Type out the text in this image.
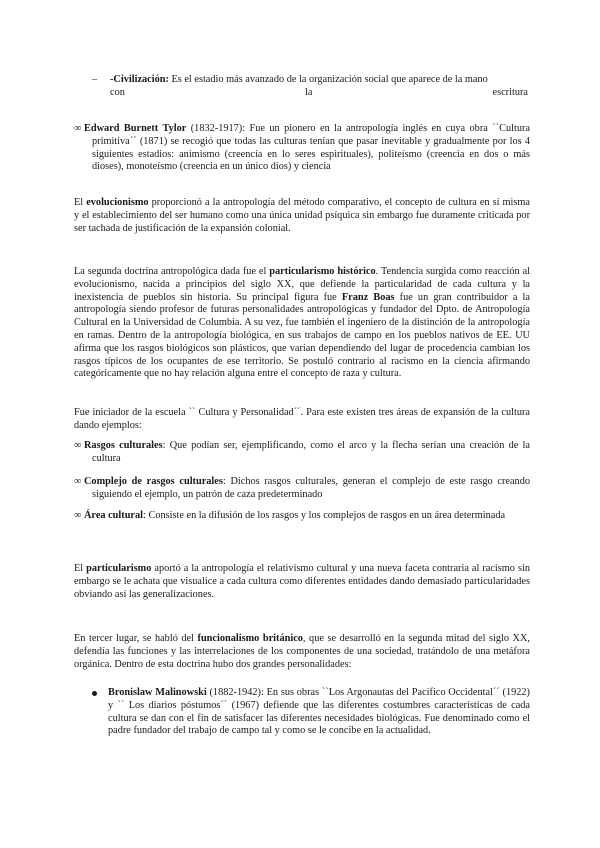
– -Civilización: Es el estadio más avanzado de la organización social que aparece de la mano
con	la	escritura
∞ Edward Burnett Tylor (1832-1917): Fue un pionero en la antropología inglés en cuya obra ``Cultura primitiva´´ (1871) se recogió que todas las culturas tenían que pasar inevitable y gradualmente por los 4 siguientes estadios: animismo (creencia en lo seres espirituales), politeísmo (creencia en dos o más dioses), monoteísmo (creencia en un único dios) y ciencia

El evolucionismo proporcionó a la antropología del método comparativo, el concepto de cultura en sí misma y el establecimiento del ser humano como una única unidad psíquica sin embargo fue duramente criticada por ser tachada de justificación de la expansión colonial.

La segunda doctrina antropológica dada fue el particularismo histórico. Tendencia surgida como reacción al evolucionismo, nacida a principios del siglo XX, que defiende la particularidad de cada cultura y la inexistencia de pueblos sin historia. Su principal figura fue Franz Boas fue un gran contribuidor a la antropología siendo profesor de futuras personalidades antropológicas y fundador del Dpto. de Antropología Cultural en la Universidad de Columbia. A su vez, fue también el ingeniero de la distinción de la antropología en ramas. Dentro de la antropología biológica, en sus trabajos de campo en los pueblos nativos de EE. UU afirma que los rasgos biológicos son plásticos, que varían dependiendo del lugar de procedencia cambian los rasgos típicos de los ocupantes de ese territorio. Se postuló contrario al racismo en la ciencia afirmando categóricamente que no hay relación alguna entre el concepto de raza y cultura.

Fue iniciador de la escuela `` Cultura y Personalidad´´. Para este existen tres áreas de expansión de la cultura dando ejemplos:

∞ Rasgos culturales: Que podían ser, ejemplificando, como el arco y la flecha serían una creación de la cultura
∞ Complejo de rasgos culturales: Dichos rasgos culturales, generan el complejo de este rasgo creando siguiendo el ejemplo, un patrón de caza predeterminado
∞ Área cultural: Consiste en la difusión de los rasgos y los complejos de rasgos en un área determinada

El particularismo aportó a la antropología el relativismo cultural y una nueva faceta contraria al racismo sin embargo se le achata que visualice a cada cultura como diferentes entidades dando demasiado particularidades obviando así las generalizaciones.

En tercer lugar, se habló del funcionalismo británico, que se desarrolló en la segunda mitad del siglo XX, defendía las funciones y las interrelaciones de los componentes de una sociedad, tratándolo de una metáfora orgánica. Dentro de esta doctrina hubo dos grandes personalidades:

Bronislaw Malinowski (1882-1942): En sus obras ``Los Argonautas del Pacífico Occidental´´ (1922) y `` Los diarios póstumos´´ (1967) defiende que las diferentes costumbres características de cada cultura se dan con el fin de satisfacer las diferentes necesidades biológicas. Fue denominado como el padre fundador del trabajo de campo tal y como se le concibe en la actualidad.
